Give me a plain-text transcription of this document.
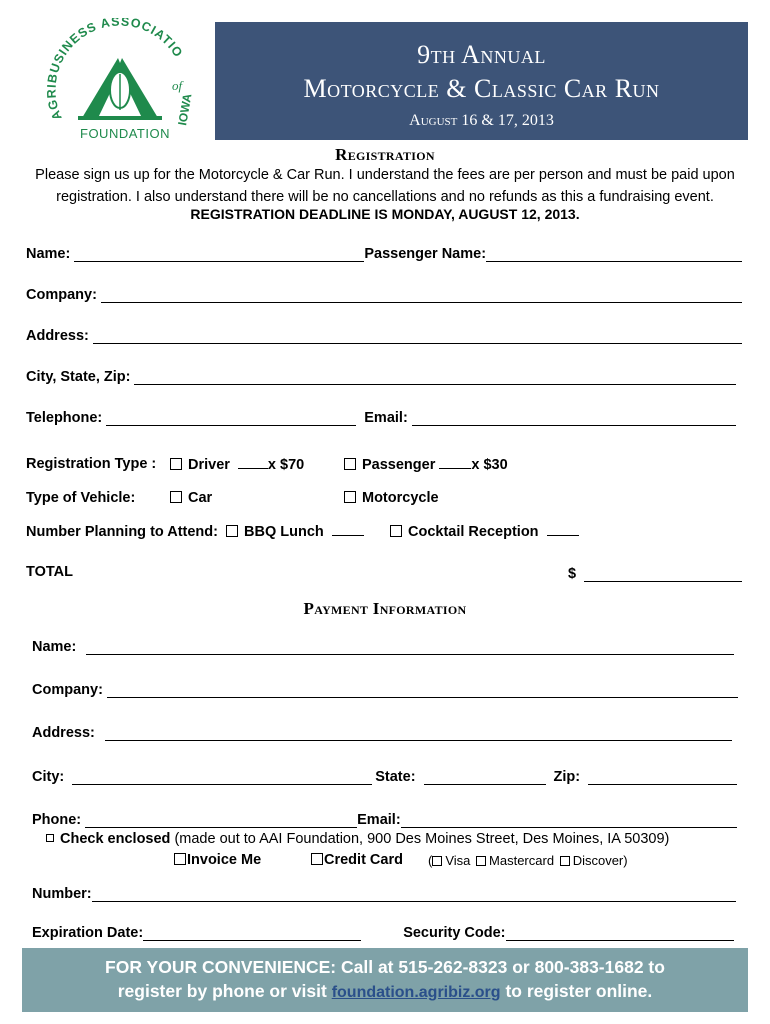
AGRIBUSINESS ASSOCIATIO
of
IOWA
FOUNDATION
9th Annual
Motorcycle & Classic Car Run
August 16 & 17, 2013
Registration
Please sign us up for the Motorcycle & Car Run. I understand the fees are per person and must be paid upon registration. I also understand there will be no cancellations and no refunds as this a fundraising event.
REGISTRATION DEADLINE IS MONDAY, AUGUST 12, 2013.
Name:	Passenger Name:
Company:
Address:
City, State, Zip:
Telephone:	Email:
Registration Type :	Driver	x $70	Passenger x $30
Type of Vehicle:	Car	Motorcycle
Number Planning to Attend: BBQ Lunch	Cocktail Reception
TOTAL	$
Payment Information
Name:
Company:
Address:
City:	State:	Zip:
Phone:	Email:
Check enclosed (made out to AAI Foundation, 900 Des Moines Street, Des Moines, IA 50309)
Invoice Me	Credit Card ( Visa Mastercard Discover)
Number:
Expiration Date:	Security Code:
FOR YOUR CONVENIENCE: Call at 515-262-8323 or 800-383-1682 to
register by phone or visit foundation.agribiz.org to register online.
